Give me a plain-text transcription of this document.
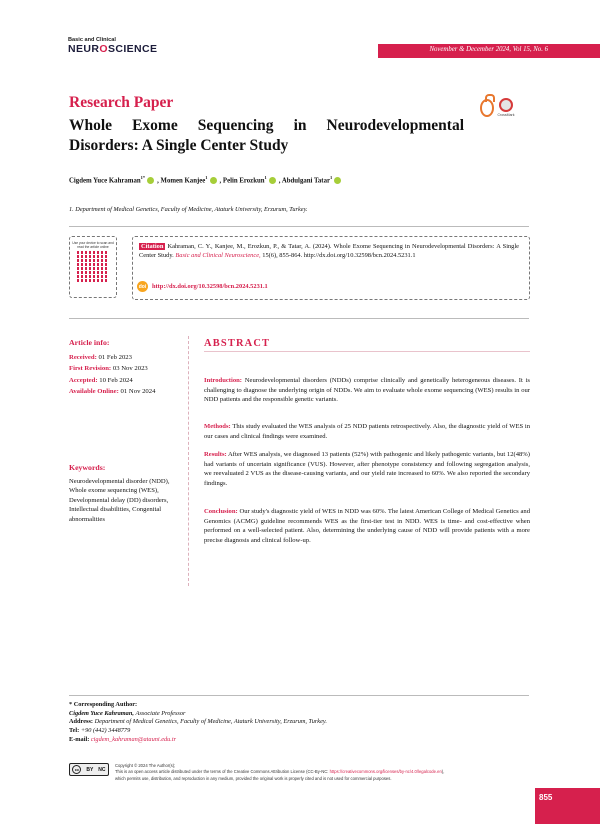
Basic and Clinical
NEUROSCIENCE	November & December 2024, Vol 15, No. 6
Research Paper
Whole Exome Sequencing in Neurodevelopmental
Disorders: A Single Center Study
CrossMark
Cigdem Yuce Kahraman$^{1*}$ , Momen Kanjee$^1$ , Pelin Erozkun$^1$ , Abdulgani Tatar$^1$
1. Department of Medical Genetics, Faculty of Medicine, Ataturk University, Erzurum, Turkey.
Use your device to scan and read the article online	Citation Kahraman, C. Y., Kanjee, M., Erozkun, P., & Tatar, A. (2024). Whole Exome Sequencing in Neurodevelopmental Disorders: A Single Center Study. Basic and Clinical Neuroscience, 15(6), 855-864. http://dx.doi.org/10.32598/bcn.2024.5231.1
doi http://dx.doi.org/10.32598/bcn.2024.5231.1
Article info:
Received: 01 Feb 2023
First Revision: 03 Nov 2023
Accepted: 10 Feb 2024
Available Online: 01 Nov 2024
Keywords:
Neurodevelopmental disorder (NDD), Whole exome sequencing (WES), Developmental delay (DD) disorders, Intellectual disabilities, Congenital abnormalities
ABSTRACT
Introduction: Neurodevelopmental disorders (NDDs) comprise clinically and genetically heterogeneous diseases. It is challenging to diagnose the underlying origin of NDDs. We aim to evaluate whole exome sequencing (WES) results in our NDD patients and the responsible genetic variants.
Methods: This study evaluated the WES analysis of 25 NDD patients retrospectively. Also, the diagnostic yield of WES in our cases and clinical findings were examined.
Results: After WES analysis, we diagnosed 13 patients (52%) with pathogenic and likely pathogenic variants, but 12(48%) had variants of uncertain significance (VUS). However, after phenotype consistency and following segregation analysis, we reevaluated 2 VUS as the disease-causing variants, and our yield rate increased to 60%. We also reported the secondary findings.
Conclusion: Our study's diagnostic yield of WES in NDD was 60%. The latest American College of Medical Genetics and Genomics (ACMG) guideline recommends WES as the first-tier test in NDD. WES is time- and cost-effective when performed on a well-selected patient. Also, determining the underlying cause of NDD will provide patients with a more precise diagnosis and clinical follow-up.
* Corresponding Author:
Cigdem Yuce Kahraman, Associate Professor
Address: Department of Medical Genetics, Faculty of Medicine, Ataturk University, Erzurum, Turkey.
Tel: +90 (442) 3448779
E-mail: cigdem_kahraman@atauni.edu.tr
cc	BY NC
Copyright © 2024 The Author(s);
This is an open access article distributed under the terms of the Creative Commons Attribution License (CC-By-NC: https://creativecommons.org/licenses/by-nc/4.0/legalcode.en),
which permits use, distribution, and reproduction in any medium, provided the original work is properly cited and is not used for commercial purposes.
855
